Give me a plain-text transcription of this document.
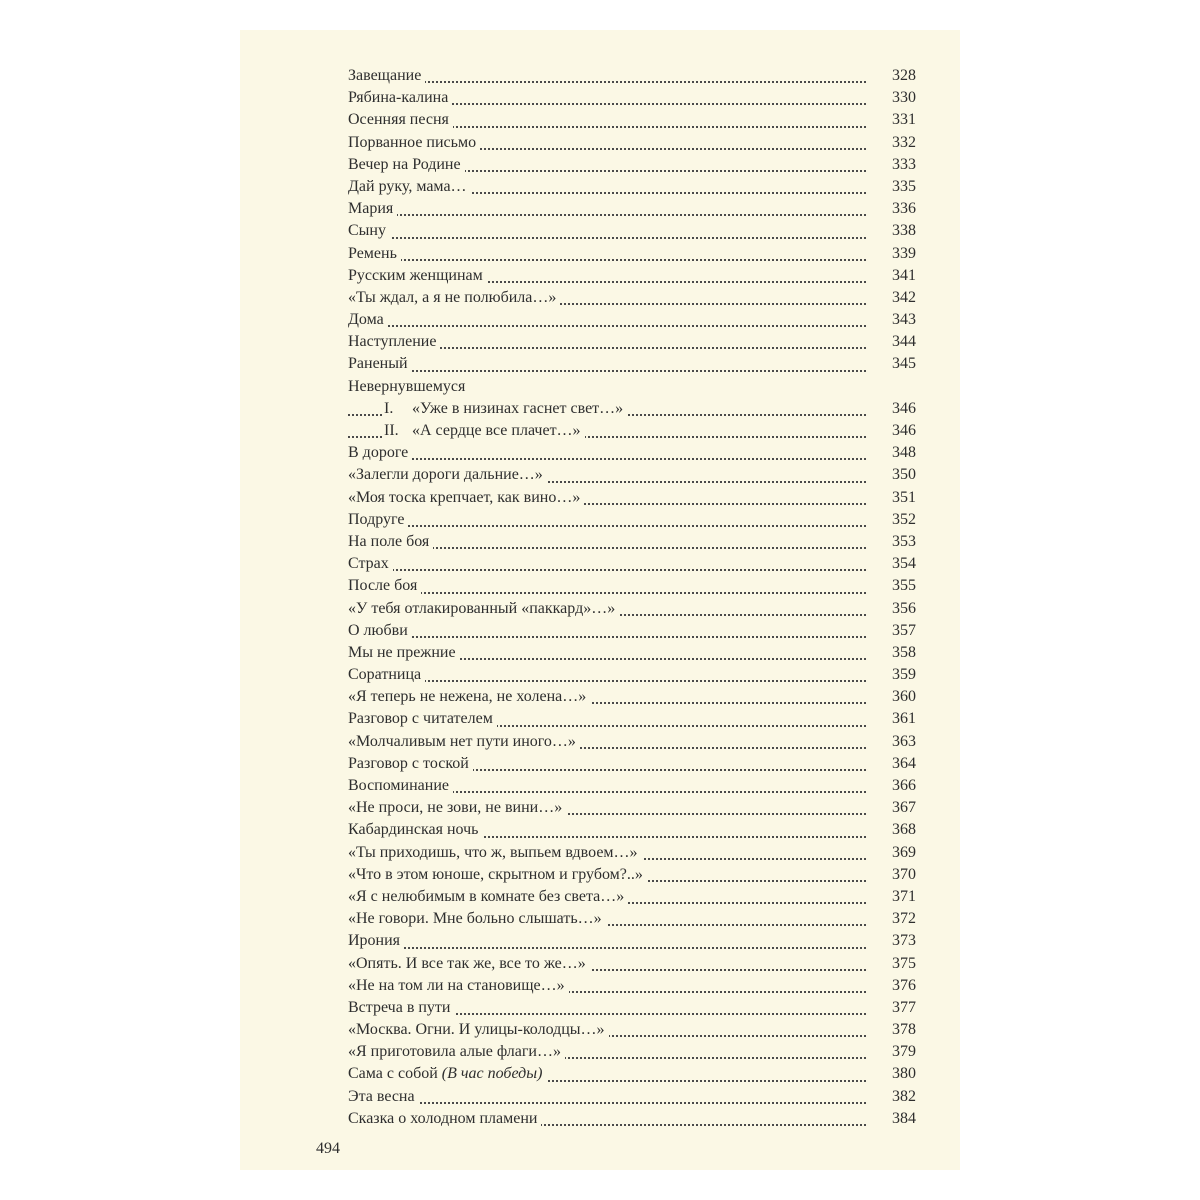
Завещание	328
Рябина-калина	330
Осенняя песня	331
Порванное письмо	332
Вечер на Родине	333
Дай руку, мама…	335
Мария	336
Сыну	338
Ремень	339
Русским женщинам	341
«Ты ждал, а я не полюбила…»	342
Дома	343
Наступление	344
Раненый	345
Невернувшемуся
I. «Уже в низинах гаснет свет…»	346
II. «А сердце все плачет…»	346
В дороге	348
«Залегли дороги дальние…»	350
«Моя тоска крепчает, как вино…»	351
Подруге	352
На поле боя	353
Страх	354
После боя	355
«У тебя отлакированный «паккард»…»	356
О любви	357
Мы не прежние	358
Соратница	359
«Я теперь не нежена, не холена…»	360
Разговор с читателем	361
«Молчаливым нет пути иного…»	363
Разговор с тоской	364
Воспоминание	366
«Не проси, не зови, не вини…»	367
Кабардинская ночь	368
«Ты приходишь, что ж, выпьем вдвоем…»	369
«Что в этом юноше, скрытном и грубом?..»	370
«Я с нелюбимым в комнате без света…»	371
«Не говори. Мне больно слышать…»	372
Ирония	373
«Опять. И все так же, все то же…»	375
«Не на том ли на становище…»	376
Встреча в пути	377
«Москва. Огни. И улицы-колодцы…»	378
«Я приготовила алые флаги…»	379
Сама с собой (В час победы)	380
Эта весна	382
Сказка о холодном пламени	384
494
